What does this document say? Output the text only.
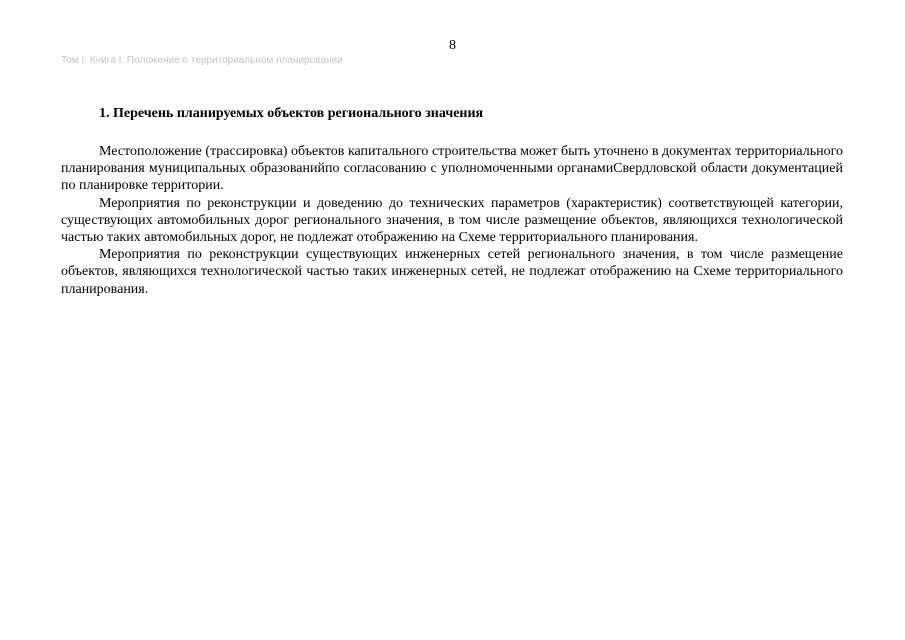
8
Том I. Книга I. Положение о территориальном планировании
1. Перечень планируемых объектов регионального значения

Местоположение (трассировка) объектов капитального строительства может быть уточнено в документах территориального планирования муниципальных образованийпо согласованию с уполномоченными органамиСвердловской области документацией по планировке территории.

Мероприятия по реконструкции и доведению до технических параметров (характеристик) соответствующей категории, существующих автомобильных дорог регионального значения, в том числе размещение объектов, являющихся технологической частью таких автомобильных дорог, не подлежат отображению на Схеме территориального планирования.

Мероприятия по реконструкции существующих инженерных сетей регионального значения, в том числе размещение объектов, являющихся технологической частью таких инженерных сетей, не подлежат отображению на Схеме территориального планирования.
